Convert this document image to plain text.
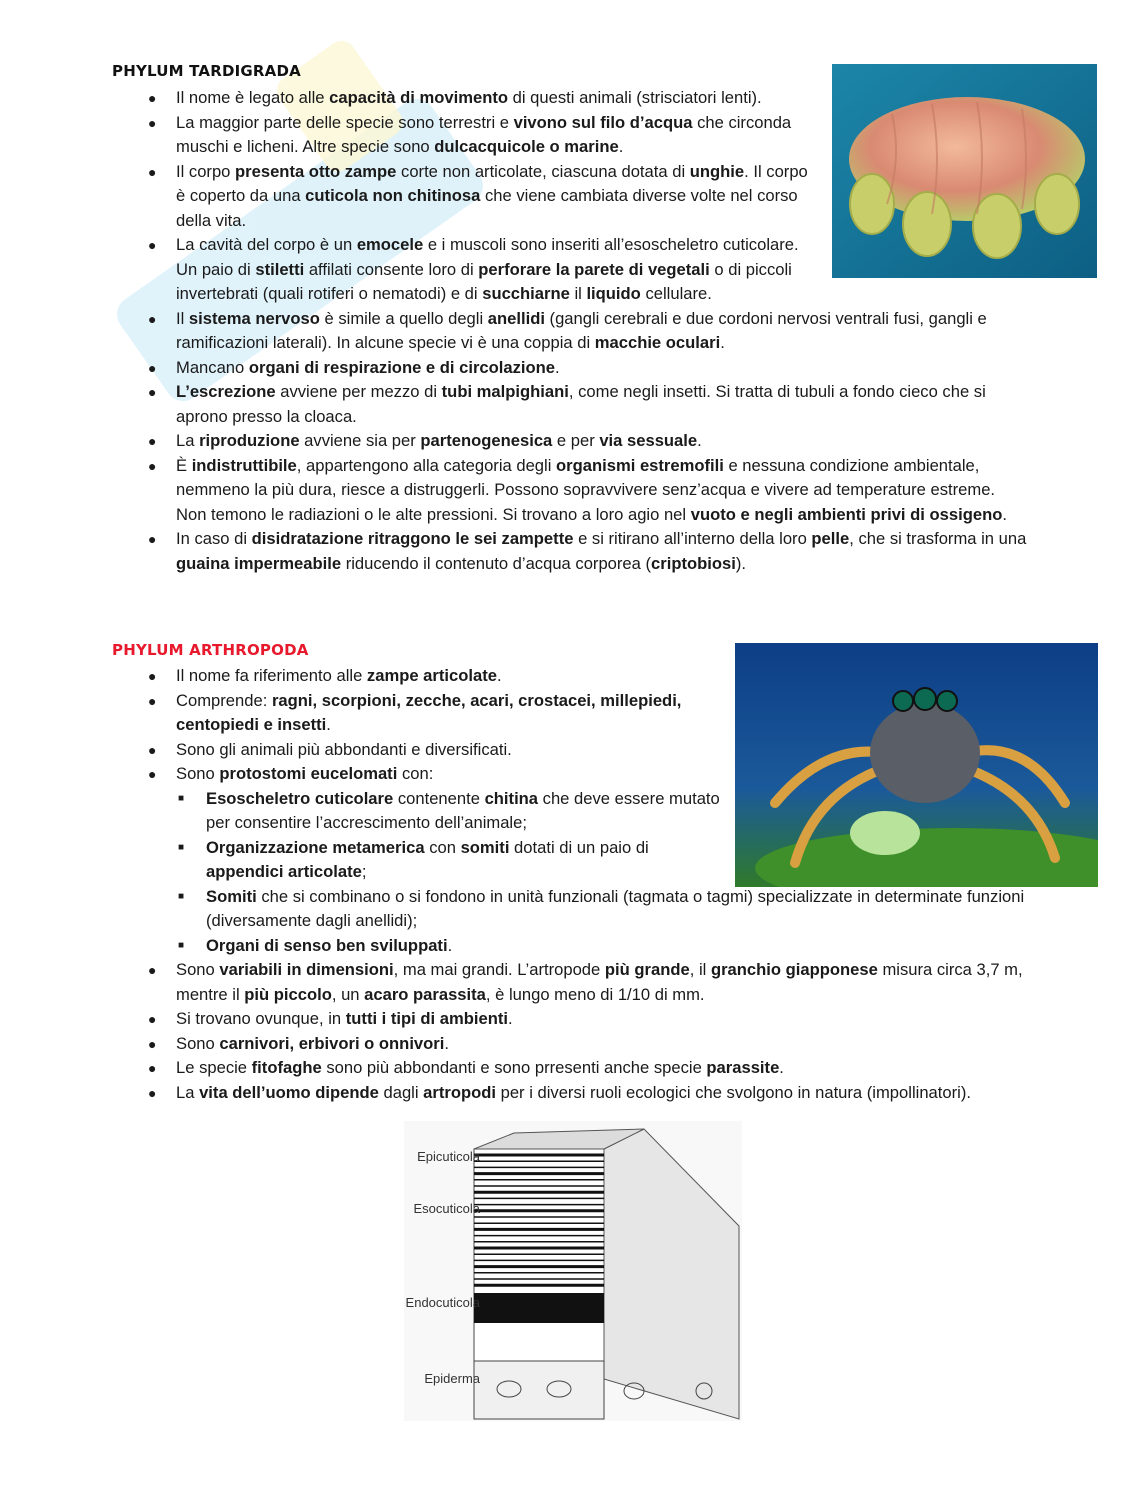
PHYLUM TARDIGRADA
● Il nome è legato alle capacità di movimento di questi animali (strisciatori lenti).
● La maggior parte delle specie sono terrestri e vivono sul filo d’acqua che circonda muschi e licheni. Altre specie sono dulcacquicole o marine.
● Il corpo presenta otto zampe corte non articolate, ciascuna dotata di unghie. Il corpo è coperto da una cuticola non chitinosa che viene cambiata diverse volte nel corso della vita.
● La cavità del corpo è un emocele e i muscoli sono inseriti all’esoscheletro cuticolare. Un paio di stiletti affilati consente loro di perforare la parete di vegetali o di piccoli invertebrati (quali rotiferi o nematodi) e di succhiarne il liquido cellulare.
● Il sistema nervoso è simile a quello degli anellidi (gangli cerebrali e due cordoni nervosi ventrali fusi, gangli e ramificazioni laterali). In alcune specie vi è una coppia di macchie oculari.
● Mancano organi di respirazione e di circolazione.
● L’escrezione avviene per mezzo di tubi malpighiani, come negli insetti. Si tratta di tubuli a fondo cieco che si aprono presso la cloaca.
● La riproduzione avviene sia per partenogenesica e per via sessuale.
● È indistruttibile, appartengono alla categoria degli organismi estremofili e nessuna condizione ambientale, nemmeno la più dura, riesce a distruggerli. Possono sopravvivere senz’acqua e vivere ad temperature estreme. Non temono le radiazioni o le alte pressioni. Si trovano a loro agio nel vuoto e negli ambienti privi di ossigeno.
● In caso di disidratazione ritraggono le sei zampette e si ritirano all’interno della loro pelle, che si trasforma in una guaina impermeabile riducendo il contenuto d’acqua corporea (criptobiosi).
PHYLUM ARTHROPODA
● Il nome fa riferimento alle zampe articolate.
● Comprende: ragni, scorpioni, zecche, acari, crostacei, millepiedi, centopiedi e insetti.
● Sono gli animali più abbondanti e diversificati.
● Sono protostomi eucelomati con:
■ Esoscheletro cuticolare contenente chitina che deve essere mutato per consentire l’accrescimento dell’animale;
■ Organizzazione metamerica con somiti dotati di un paio di appendici articolate;
■ Somiti che si combinano o si fondono in unità funzionali (tagmata o tagmi) specializzate in determinate funzioni (diversamente dagli anellidi);
■ Organi di senso ben sviluppati.
● Sono variabili in dimensioni, ma mai grandi. L’artropode più grande, il granchio giapponese misura circa 3,7 m, mentre il più piccolo, un acaro parassita, è lungo meno di 1/10 di mm.
● Si trovano ovunque, in tutti i tipi di ambienti.
● Sono carnivori, erbivori o onnivori.
● Le specie fitofaghe sono più abbondanti e sono prresenti anche specie parassite.
● La vita dell’uomo dipende dagli artropodi per i diversi ruoli ecologici che svolgono in natura (impollinatori).
Epicuticola
Esocuticola
Endocuticola
Epiderma
